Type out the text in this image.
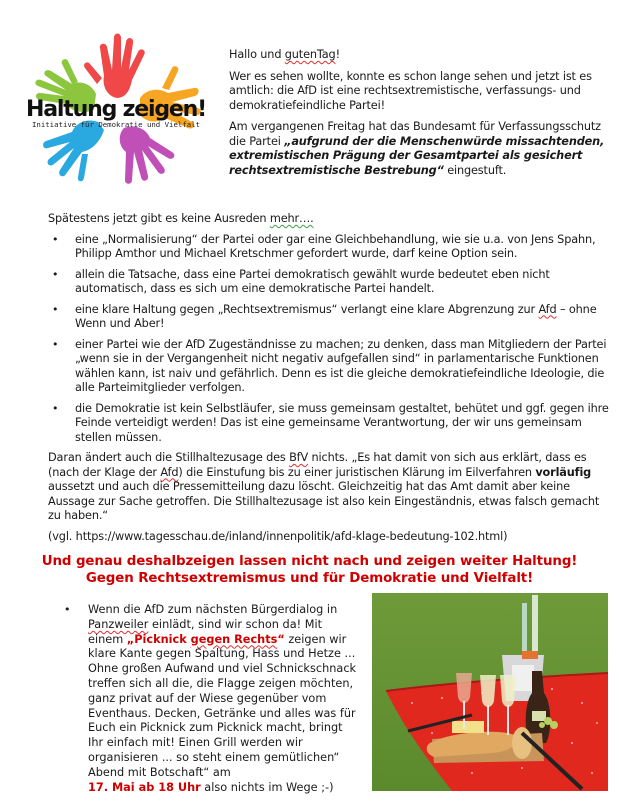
Haltung zeigen!
Initiative für Demokratie und Vielfalt

Hallo und gutenTag!

Wer es sehen wollte, konnte es schon lange sehen und jetzt ist es amtlich: die AfD ist eine rechtsextremistische, verfassungs- und demokratiefeindliche Partei!

Am vergangenen Freitag hat das Bundesamt für Verfassungsschutz die Partei „aufgrund der die Menschenwürde missachtenden, extremistischen Prägung der Gesamtpartei als gesichert rechtsextremistische Bestrebung“ eingestuft.

Spätestens jetzt gibt es keine Ausreden mehr….

• eine „Normalisierung“ der Partei oder gar eine Gleichbehandlung, wie sie u.a. von Jens Spahn, Philipp Amthor und Michael Kretschmer gefordert wurde, darf keine Option sein.
• allein die Tatsache, dass eine Partei demokratisch gewählt wurde bedeutet eben nicht automatisch, dass es sich um eine demokratische Partei handelt.
• eine klare Haltung gegen „Rechtsextremismus“ verlangt eine klare Abgrenzung zur Afd – ohne Wenn und Aber!
• einer Partei wie der AfD Zugeständnisse zu machen; zu denken, dass man Mitgliedern der Partei „wenn sie in der Vergangenheit nicht negativ aufgefallen sind“ in parlamentarische Funktionen wählen kann, ist naiv und gefährlich. Denn es ist die gleiche demokratiefeindliche Ideologie, die alle Parteimitglieder verfolgen.
• die Demokratie ist kein Selbstläufer, sie muss gemeinsam gestaltet, behütet und ggf. gegen ihre Feinde verteidigt werden! Das ist eine gemeinsame Verantwortung, der wir uns gemeinsam stellen müssen.

Daran ändert auch die Stillhaltezusage des BfV nichts. „Es hat damit von sich aus erklärt, dass es (nach der Klage der Afd) die Einstufung bis zu einer juristischen Klärung im Eilverfahren vorläufig aussetzt und auch die Pressemitteilung dazu löscht. Gleichzeitig hat das Amt damit aber keine Aussage zur Sache getroffen. Die Stillhaltezusage ist also kein Eingeständnis, etwas falsch gemacht zu haben.“

(vgl. https://www.tagesschau.de/inland/innenpolitik/afd-klage-bedeutung-102.html)

Und genau deshalbzeigen lassen nicht nach und zeigen weiter Haltung!
Gegen Rechtsextremismus und für Demokratie und Vielfalt!
• Wenn die AfD zum nächsten Bürgerdialog in Panzweiler einlädt, sind wir schon da! Mit einem „Picknick gegen Rechts“ zeigen wir klare Kante gegen Spaltung, Hass und Hetze ... Ohne großen Aufwand und viel Schnickschnack treffen sich all die, die Flagge zeigen möchten, ganz privat auf der Wiese gegenüber vom Eventhaus. Decken, Getränke und alles was für Euch ein Picknick zum Picknick macht, bringt Ihr einfach mit! Einen Grill werden wir organisieren ... so steht einem gemütlichen“ Abend mit Botschaft“ am
17. Mai ab 18 Uhr also nichts im Wege ;-)
